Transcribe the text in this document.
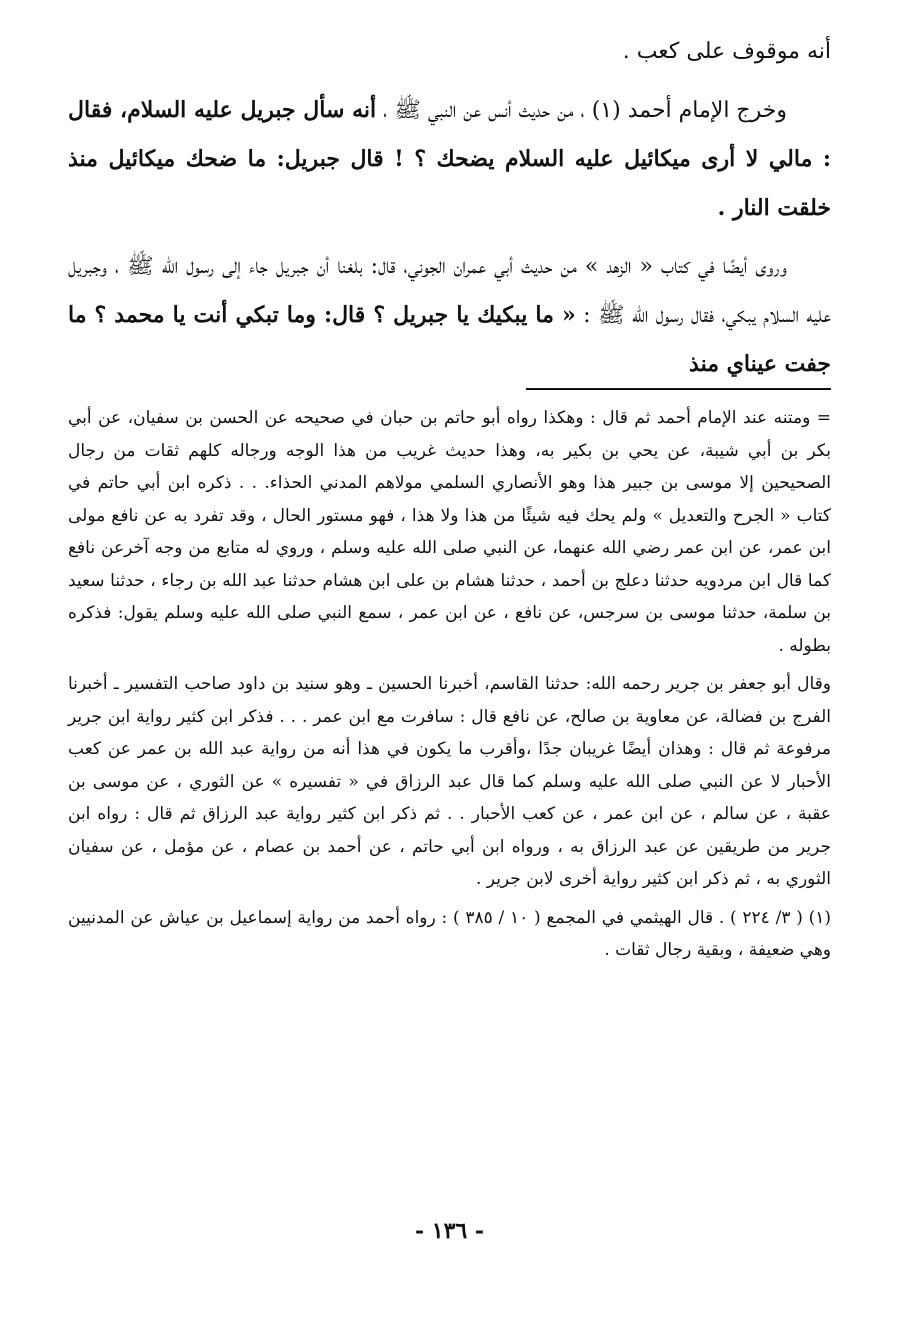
أنه موقوف على كعب .

وخرج الإمام أحمد (١) ، من حديث أنس عن النبي ﷺ ، أنه سأل جبريل عليه السلام، فقال : مالي لا أرى ميكائيل عليه السلام يضحك ؟ ! قال جبريل: ما ضحك ميكائيل منذ خلقت النار .

وروى أيضًا في كتاب « الزهد » من حديث أبي عمران الجوني، قال: بلغنا أن جبريل جاء إلى رسول الله ﷺ ، وجبريل عليه السلام يبكي، فقال رسول الله ﷺ : « ما يبكيك يا جبريل ؟ قال: وما تبكي أنت يا محمد ؟ ما جفت عيناي منذ

= ومتنه عند الإمام أحمد ثم قال : وهكذا رواه أبو حاتم بن حبان في صحيحه عن الحسن بن سفيان، عن أبي بكر بن أبي شيبة، عن يحي بن بكير به، وهذا حديث غريب من هذا الوجه ورجاله كلهم ثقات من رجال الصحيحين إلا موسى بن جبير هذا وهو الأنصاري السلمي مولاهم المدني الحذاء. . . ذكره ابن أبي حاتم في كتاب « الجرح والتعديل » ولم يحك فيه شيئًا من هذا ولا هذا ، فهو مستور الحال ، وقد تفرد به عن نافع مولى ابن عمر، عن ابن عمر رضي الله عنهما، عن النبي صلى الله عليه وسلم ، وروي له متابع من وجه آخرعن نافع كما قال ابن مردويه حدثنا دعلج بن أحمد ، حدثنا هشام بن على ابن هشام حدثنا عبد الله بن رجاء ، حدثنا سعيد بن سلمة، حدثنا موسى بن سرجس، عن نافع ، عن ابن عمر ، سمع النبي صلى الله عليه وسلم يقول: فذكره بطوله .

وقال أبو جعفر بن جرير رحمه الله: حدثنا القاسم، أخبرنا الحسين ـ وهو سنيد بن داود صاحب التفسير ـ أخبرنا الفرج بن فضالة، عن معاوية بن صالح، عن نافع قال : سافرت مع ابن عمر . . . فذكر ابن كثير رواية ابن جرير مرفوعة ثم قال : وهذان أيضًا غريبان جدًا ،وأقرب ما يكون في هذا أنه من رواية عبد الله بن عمر عن كعب الأحبار لا عن النبي صلى الله عليه وسلم كما قال عبد الرزاق في « تفسيره » عن الثوري ، عن موسى بن عقبة ، عن سالم ، عن ابن عمر ، عن كعب الأحبار . . ثم ذكر ابن كثير رواية عبد الرزاق ثم قال : رواه ابن جرير من طريقين عن عبد الرزاق به ، ورواه ابن أبي حاتم ، عن أحمد بن عصام ، عن مؤمل ، عن سفيان الثوري به ، ثم ذكر ابن كثير رواية أخرى لابن جرير .

(١) ( ٣/ ٢٢٤ ) . قال الهيثمي في المجمع ( ١٠ / ٣٨٥ ) : رواه أحمد من رواية إسماعيل بن عياش عن المدنيين وهي ضعيفة ، وبقية رجال ثقات .

- ١٣٦ -
